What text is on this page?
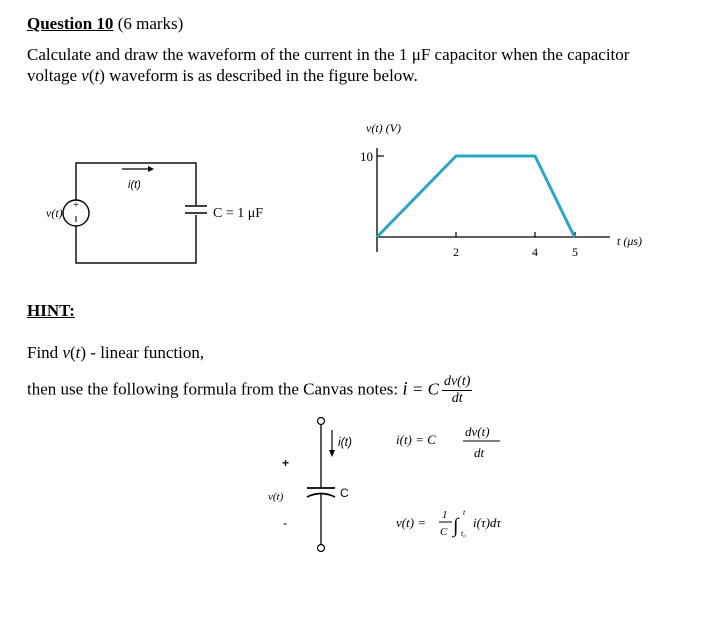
Question 10 (6 marks)
Calculate and draw the waveform of the current in the 1 μF capacitor when the capacitor
voltage v(t) waveform is as described in the figure below.
+
v(t)
i(t)
C = 1 μF
10
v(t) (V)
2	4	5
t (μs)
i(t)
C
+
v(t)
-
i(t) = C
dv(t)
dt
v(t) = 1
C ∫
t
t₀
i(τ)dτ
HINT:
Find v(t) - linear function,
then use the following formula from the Canvas notes: i = C $\frac{dv(t)}{dt}$
